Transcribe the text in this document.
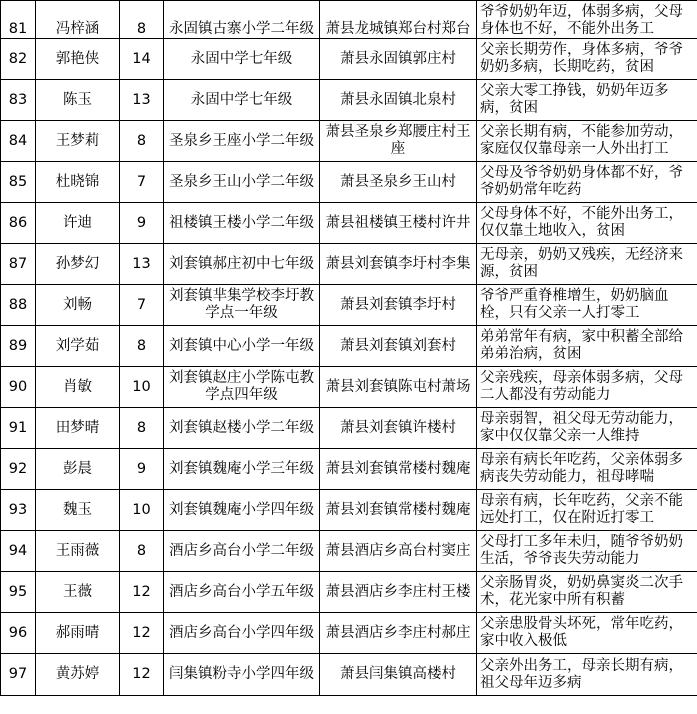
81	冯梓涵	8	永固镇古寨小学二年级	萧县龙城镇郑台村郑台	爷爷奶奶年迈，体弱多病，父母身体也不好，不能外出务工
82	郭艳侠	14	永固中学七年级	萧县永固镇郭庄村	父亲长期劳作，身体多病，爷爷奶奶多病，长期吃药，贫困
83	陈玉	13	永固中学七年级	萧县永固镇北泉村	父亲大零工挣钱，奶奶年迈多病，贫困
84	王梦莉	8	圣泉乡王座小学二年级	萧县圣泉乡郑腰庄村王座	父亲长期有病，不能参加劳动，家庭仅仅靠母亲一人外出打工
85	杜晓锦	7	圣泉乡王山小学二年级	萧县圣泉乡王山村	父母及爷爷奶奶身体都不好，爷爷奶奶常年吃药
86	许迪	9	祖楼镇王楼小学二年级	萧县祖楼镇王楼村许井	父母身体不好，不能外出务工，仅仅靠土地收入，贫困
87	孙梦幻	13	刘套镇郝庄初中七年级	萧县刘套镇李圩村李集	无母亲，奶奶又残疾，无经济来源，贫困
88	刘畅	7	刘套镇芈集学校李圩教学点一年级	萧县刘套镇李圩村	爷爷严重脊椎增生，奶奶脑血栓，只有父亲一人打零工
89	刘学茹	8	刘套镇中心小学一年级	萧县刘套镇刘套村	弟弟常年有病，家中积蓄全部给弟弟治病，贫困
90	肖敏	10	刘套镇赵庄小学陈屯教学点四年级	萧县刘套镇陈屯村萧场	父亲残疾，母亲体弱多病，父母二人都没有劳动能力
91	田梦晴	8	刘套镇赵楼小学二年级	萧县刘套镇许楼村	母亲弱智，祖父母无劳动能力，家中仅仅靠父亲一人维持
92	彭晨	9	刘套镇魏庵小学三年级	萧县刘套镇常楼村魏庵	母亲有病长年吃药，父亲体弱多病丧失劳动能力，祖母哮喘
93	魏玉	10	刘套镇魏庵小学四年级	萧县刘套镇常楼村魏庵	母亲有病，长年吃药，父亲不能远处打工，仅在附近打零工
94	王雨薇	8	酒店乡高台小学二年级	萧县酒店乡高台村窦庄	父母打工多年未归，随爷爷奶奶生活，爷爷丧失劳动能力
95	王薇	12	酒店乡高台小学五年级	萧县酒店乡李庄村王楼	父亲肠胃炎，奶奶鼻窦炎二次手术，花光家中所有积蓄
96	郝雨晴	12	酒店乡高台小学四年级	萧县酒店乡李庄村郝庄	父亲患股骨头坏死，常年吃药，家中收入极低
97	黄苏婷	12	闫集镇粉寺小学四年级	萧县闫集镇高楼村	父亲外出务工，母亲长期有病，祖父母年迈多病
